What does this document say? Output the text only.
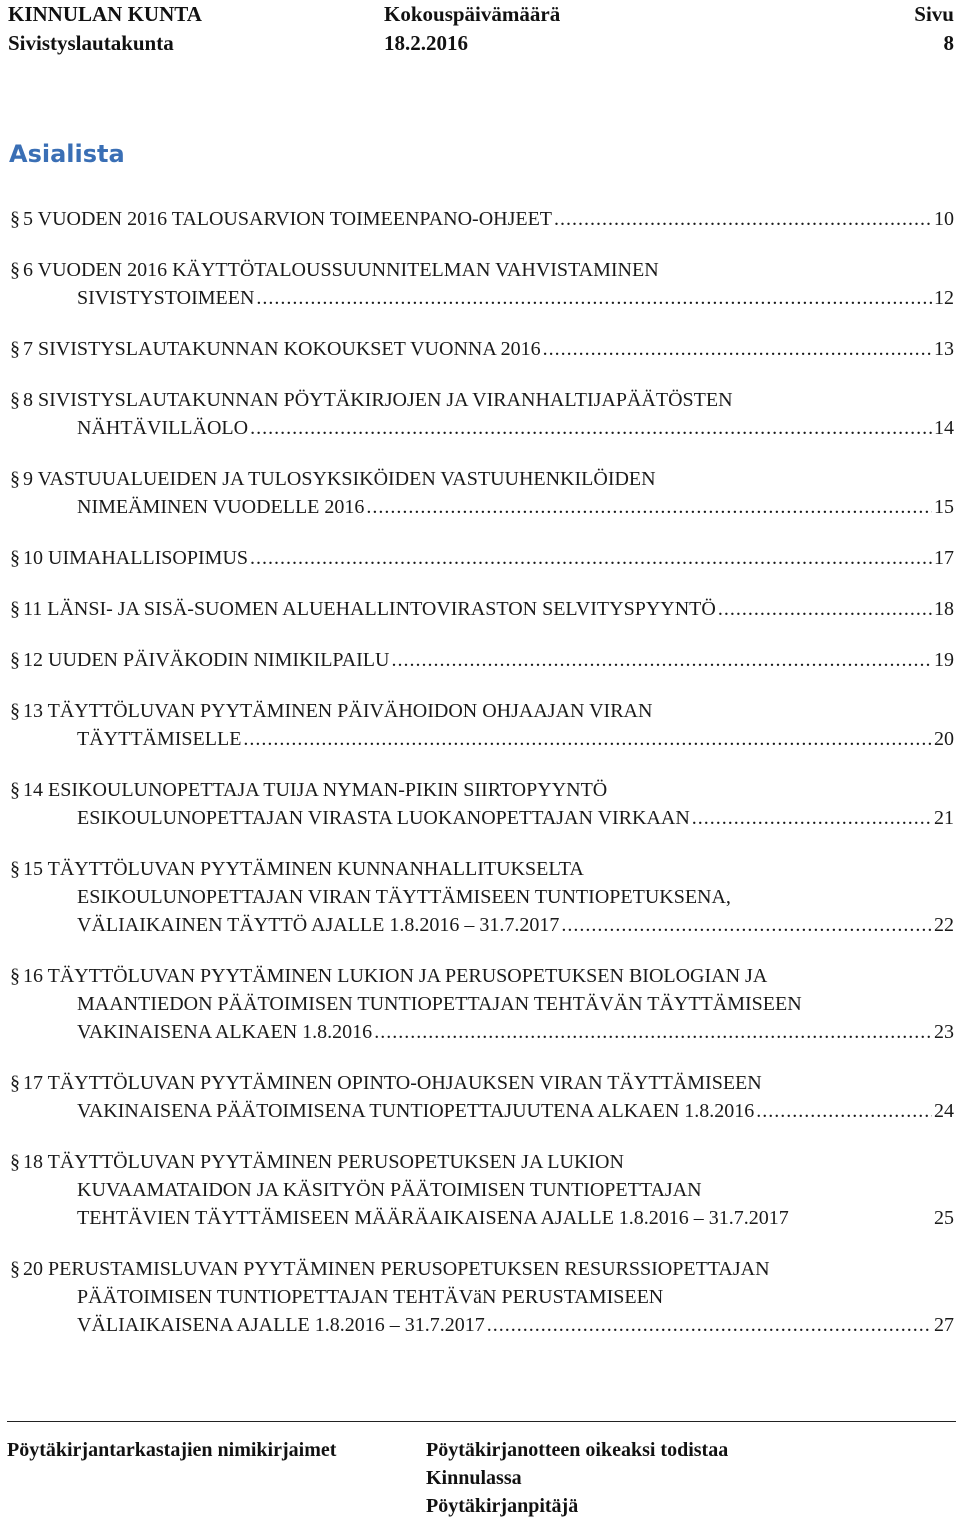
KINNULAN KUNTA	Kokouspäivämäärä	Sivu
Sivistyslautakunta	18.2.2016	8
Asialista
§ 5 VUODEN 2016 TALOUSARVION TOIMEENPANO-OHJEET .....	10
§ 6 VUODEN 2016 KÄYTTÖTALOUSSUUNNITELMAN VAHVISTAMINEN
SIVISTYSTOIMEEN .....	12
§ 7 SIVISTYSLAUTAKUNNAN KOKOUKSET VUONNA 2016 .....	13
§ 8 SIVISTYSLAUTAKUNNAN PÖYTÄKIRJOJEN JA VIRANHALTIJAPÄÄTÖSTEN
NÄHTÄVILLÄOLO .....	14
§ 9 VASTUUALUEIDEN JA TULOSYKSIKÖIDEN VASTUUHENKILÖIDEN
NIMEÄMINEN VUODELLE 2016 .....	15
§ 10 UIMAHALLISOPIMUS .....	17
§ 11 LÄNSI- JA SISÄ-SUOMEN ALUEHALLINTOVIRASTON SELVITYSPYYNTÖ .....	18
§ 12 UUDEN PÄIVÄKODIN NIMIKILPAILU .....	19
§ 13 TÄYTTÖLUVAN PYYTÄMINEN PÄIVÄHOIDON OHJAAJAN VIRAN
TÄYTTÄMISELLE .....	20
§ 14 ESIKOULUNOPETTAJA TUIJA NYMAN-PIKIN SIIRTOPYYNTÖ
ESIKOULUNOPETTAJAN VIRASTA LUOKANOPETTAJAN VIRKAAN .....	21
§ 15 TÄYTTÖLUVAN PYYTÄMINEN KUNNANHALLITUKSELTA
ESIKOULUNOPETTAJAN VIRAN TÄYTTÄMISEEN TUNTIOPETUKSENA,
VÄLIAIKAINEN TÄYTTÖ AJALLE 1.8.2016 – 31.7.2017 .....	22
§ 16 TÄYTTÖLUVAN PYYTÄMINEN LUKION JA PERUSOPETUKSEN BIOLOGIAN JA
MAANTIEDON PÄÄTOIMISEN TUNTIOPETTAJAN TEHTÄVÄN TÄYTTÄMISEEN
VAKINAISENA ALKAEN 1.8.2016 .....	23
§ 17 TÄYTTÖLUVAN PYYTÄMINEN OPINTO-OHJAUKSEN VIRAN TÄYTTÄMISEEN
VAKINAISENA PÄÄTOIMISENA TUNTIOPETTAJUUTENA ALKAEN 1.8.2016 .....	24
§ 18 TÄYTTÖLUVAN PYYTÄMINEN PERUSOPETUKSEN JA LUKION
KUVAAMATAIDON JA KÄSITYÖN PÄÄTOIMISEN TUNTIOPETTAJAN
TEHTÄVIEN TÄYTTÄMISEEN MÄÄRÄAIKAISENA AJALLE 1.8.2016 – 31.7.2017	25
§ 20 PERUSTAMISLUVAN PYYTÄMINEN PERUSOPETUKSEN RESURSSIOPETTAJAN
PÄÄTOIMISEN TUNTIOPETTAJAN TEHTÄVäN PERUSTAMISEEN
VÄLIAIKAISENA AJALLE 1.8.2016 – 31.7.2017 .....	27
Pöytäkirjantarkastajien nimikirjaimet	Pöytäkirjanotteen oikeaksi todistaa
Kinnulassa
Pöytäkirjanpitäjä
